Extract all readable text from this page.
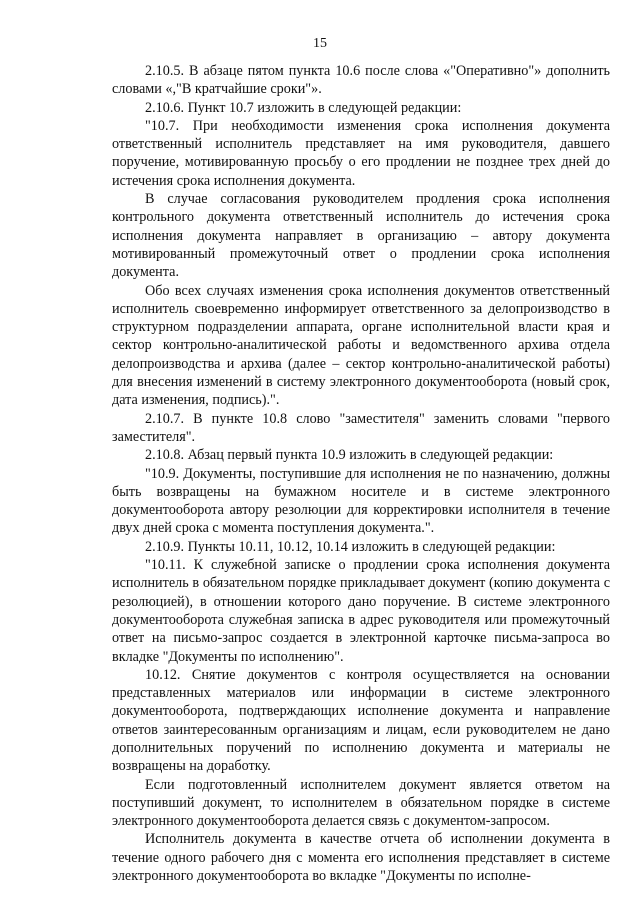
15

2.10.5. В абзаце пятом пункта 10.6 после слова «"Оперативно"» дополнить словами «,"В кратчайшие сроки"».

2.10.6. Пункт 10.7 изложить в следующей редакции:

"10.7. При необходимости изменения срока исполнения документа ответственный исполнитель представляет на имя руководителя, давшего поручение, мотивированную просьбу о его продлении не позднее трех дней до истечения срока исполнения документа.

В случае согласования руководителем продления срока исполнения контрольного документа ответственный исполнитель до истечения срока исполнения документа направляет в организацию – автору документа мотивированный промежуточный ответ о продлении срока исполнения документа.

Обо всех случаях изменения срока исполнения документов ответственный исполнитель своевременно информирует ответственного за делопроизводство в структурном подразделении аппарата, органе исполнительной власти края и сектор контрольно-аналитической работы и ведомственного архива отдела делопроизводства и архива (далее – сектор контрольно-аналитической работы) для внесения изменений в систему электронного документооборота (новый срок, дата изменения, подпись).".

2.10.7. В пункте 10.8 слово "заместителя" заменить словами "первого заместителя".

2.10.8. Абзац первый пункта 10.9 изложить в следующей редакции:

"10.9. Документы, поступившие для исполнения не по назначению, должны быть возвращены на бумажном носителе и в системе электронного документооборота автору резолюции для корректировки исполнителя в течение двух дней срока с момента поступления документа.".

2.10.9. Пункты 10.11, 10.12, 10.14 изложить в следующей редакции:

"10.11. К служебной записке о продлении срока исполнения документа исполнитель в обязательном порядке прикладывает документ (копию документа с резолюцией), в отношении которого дано поручение. В системе электронного документооборота служебная записка в адрес руководителя или промежуточный ответ на письмо-запрос создается в электронной карточке письма-запроса во вкладке "Документы по исполнению".

10.12. Снятие документов с контроля осуществляется на основании представленных материалов или информации в системе электронного документооборота, подтверждающих исполнение документа и направление ответов заинтересованным организациям и лицам, если руководителем не дано дополнительных поручений по исполнению документа и материалы не возвращены на доработку.

Если подготовленный исполнителем документ является ответом на поступивший документ, то исполнителем в обязательном порядке в системе электронного документооборота делается связь с документом-запросом.

Исполнитель документа в качестве отчета об исполнении документа в течение одного рабочего дня с момента его исполнения представляет в системе электронного документооборота во вкладке "Документы по исполне-
